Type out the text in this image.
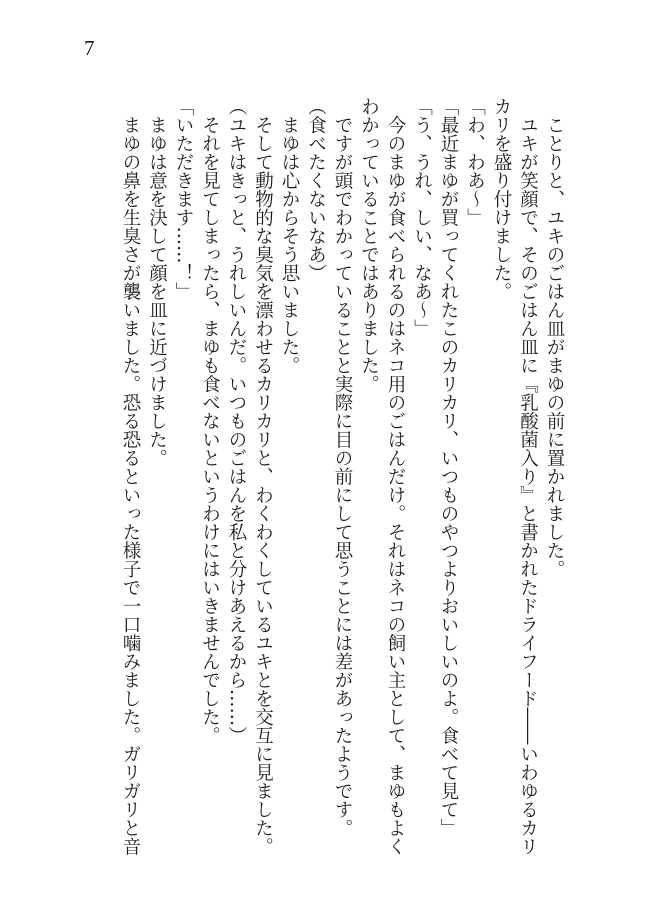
7
　ことりと、ユキのごはん皿がまゆの前に置かれました。
　ユキが笑顔で、そのごはん皿に『乳酸菌入り』と書かれたドライフード――いわゆるカリ
カリを盛り付けました。
「わ、わあ〜」
「最近まゆが買ってくれたこのカリカリ、いつものやつよりおいしいのよ。食べて見て」
「う、うれ、しい、なあ〜」
　今のまゆが食べられるのはネコ用のごはんだけ。それはネコの飼い主として、まゆもよく
わかっていることではありました。
　ですが頭でわかっていることと実際に目の前にして思うことには差があったようです。
（食べたくないなあ）
　まゆは心からそう思いました。
　そして動物的な臭気を漂わせるカリカリと、わくわくしているユキとを交互に見ました。
（ユキはきっと、うれしいんだ。いつものごはんを私と分けあえるから……）
　それを見てしまったら、まゆも食べないというわけにはいきませんでした。
「いただきます……！」
　まゆは意を決して顔を皿に近づけました。
　まゆの鼻を生臭さが襲いました。恐る恐るといった様子で一口噛みました。ガリガリと音
